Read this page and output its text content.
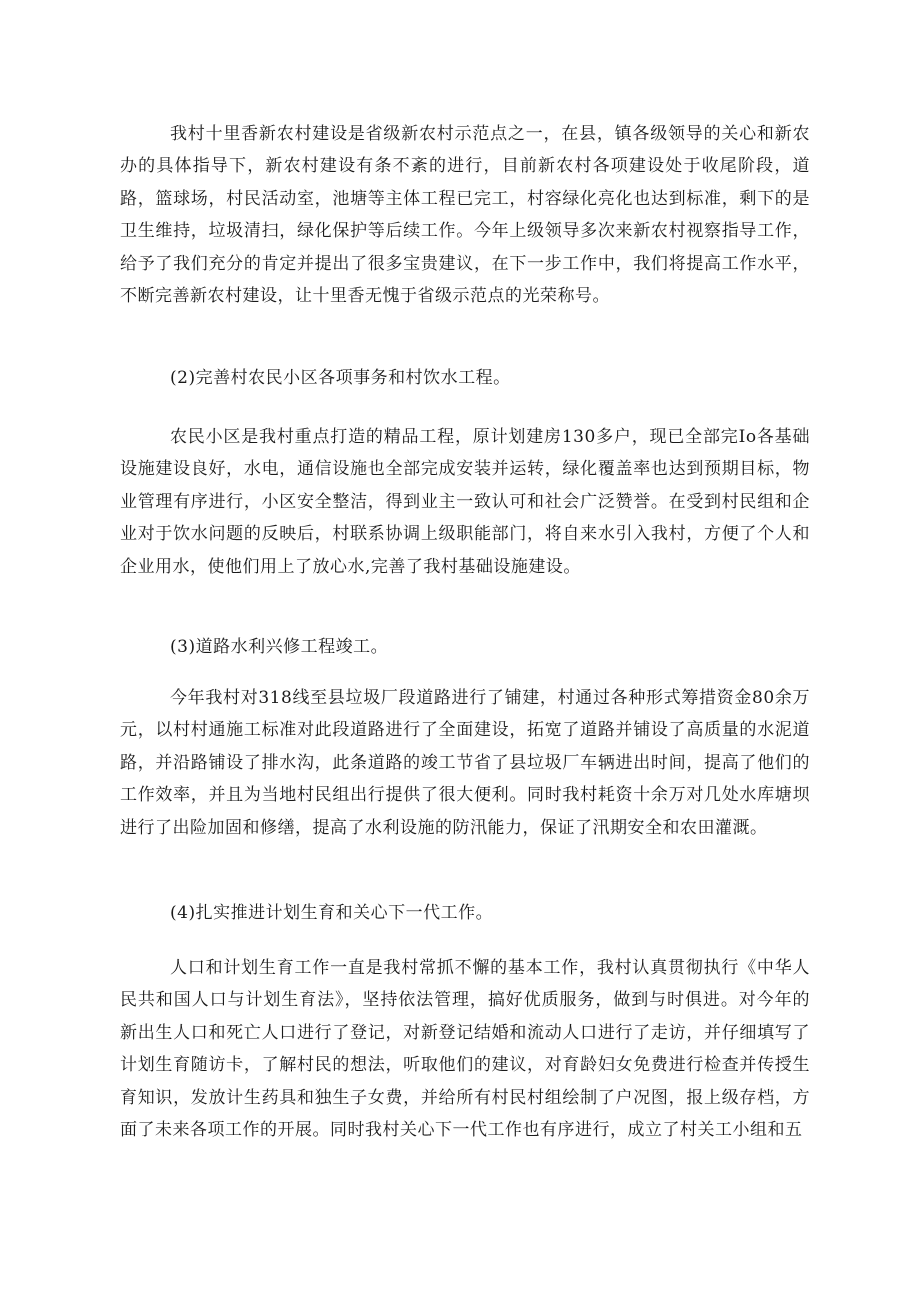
我村十里香新农村建设是省级新农村示范点之一，在县，镇各级领导的关心和新农办的具体指导下，新农村建设有条不紊的进行，目前新农村各项建设处于收尾阶段，道路，篮球场，村民活动室，池塘等主体工程已完工，村容绿化亮化也达到标准，剩下的是卫生维持，垃圾清扫，绿化保护等后续工作。今年上级领导多次来新农村视察指导工作，给予了我们充分的肯定并提出了很多宝贵建议，在下一步工作中，我们将提高工作水平，不断完善新农村建设，让十里香无愧于省级示范点的光荣称号。

(2)完善村农民小区各项事务和村饮水工程。

农民小区是我村重点打造的精品工程，原计划建房130多户，现已全部完Io各基础设施建设良好，水电，通信设施也全部完成安装并运转，绿化覆盖率也达到预期目标，物业管理有序进行，小区安全整洁，得到业主一致认可和社会广泛赞誉。在受到村民组和企业对于饮水问题的反映后，村联系协调上级职能部门，将自来水引入我村，方便了个人和企业用水，使他们用上了放心水,完善了我村基础设施建设。

(3)道路水利兴修工程竣工。

今年我村对318线至县垃圾厂段道路进行了铺建，村通过各种形式筹措资金80余万元，以村村通施工标准对此段道路进行了全面建设，拓宽了道路并铺设了高质量的水泥道路，并沿路铺设了排水沟，此条道路的竣工节省了县垃圾厂车辆进出时间，提高了他们的工作效率，并且为当地村民组出行提供了很大便利。同时我村耗资十余万对几处水库塘坝进行了出险加固和修缮，提高了水利设施的防汛能力，保证了汛期安全和农田灌溉。

(4)扎实推进计划生育和关心下一代工作。

人口和计划生育工作一直是我村常抓不懈的基本工作，我村认真贯彻执行《中华人民共和国人口与计划生育法》，坚持依法管理，搞好优质服务，做到与时俱进。对今年的新出生人口和死亡人口进行了登记，对新登记结婚和流动人口进行了走访，并仔细填写了计划生育随访卡，了解村民的想法，听取他们的建议，对育龄妇女免费进行检查并传授生育知识，发放计生药具和独生子女费，并给所有村民村组绘制了户况图，报上级存档，方面了未来各项工作的开展。同时我村关心下一代工作也有序进行，成立了村关工小组和五
